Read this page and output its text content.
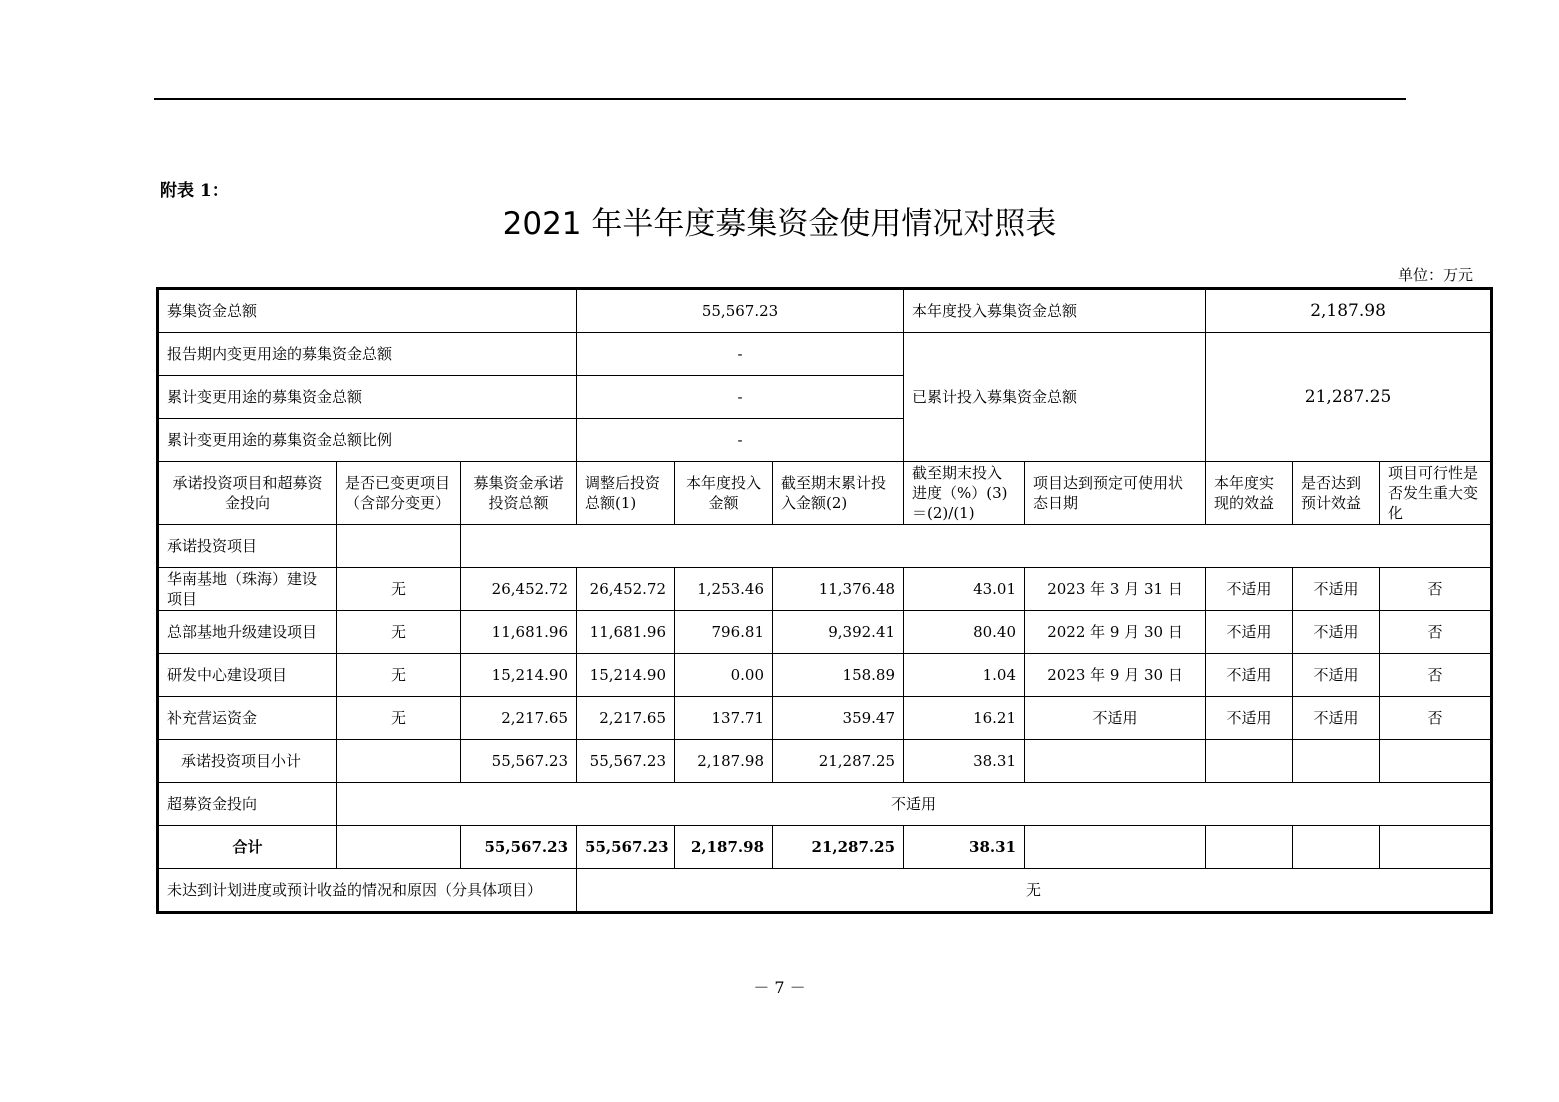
附表 1：
2021 年半年度募集资金使用情况对照表
单位：万元
募集资金总额			55,567.23			本年度投入募集资金总额		2,187.98		
报告期内变更用途的募集资金总额			-			已累计投入募集资金总额		21,287.25		
累计变更用途的募集资金总额			-							
累计变更用途的募集资金总额比例			-							
承诺投资项目和超募资金投向	是否已变更项目（含部分变更）	募集资金承诺投资总额	调整后投资总额(1)	本年度投入金额	截至期末累计投入金额(2)	截至期末投入进度（%）(3)＝(2)/(1)	项目达到预定可使用状态日期	本年度实现的效益	是否达到预计效益	项目可行性是否发生重大变化
承诺投资项目										
华南基地（珠海）建设项目	无	26,452.72	26,452.72	1,253.46	11,376.48	43.01	2023 年 3 月 31 日	不适用	不适用	否
总部基地升级建设项目	无	11,681.96	11,681.96	796.81	9,392.41	80.40	2022 年 9 月 30 日	不适用	不适用	否
研发中心建设项目	无	15,214.90	15,214.90	0.00	158.89	1.04	2023 年 9 月 30 日	不适用	不适用	否
补充营运资金	无	2,217.65	2,217.65	137.71	359.47	16.21	不适用	不适用	不适用	否
承诺投资项目小计		55,567.23	55,567.23	2,187.98	21,287.25	38.31				
超募资金投向	不适用									
合计		55,567.23	55,567.23	2,187.98	21,287.25	38.31				
未达到计划进度或预计收益的情况和原因（分具体项目）			无							
－ 7 －
